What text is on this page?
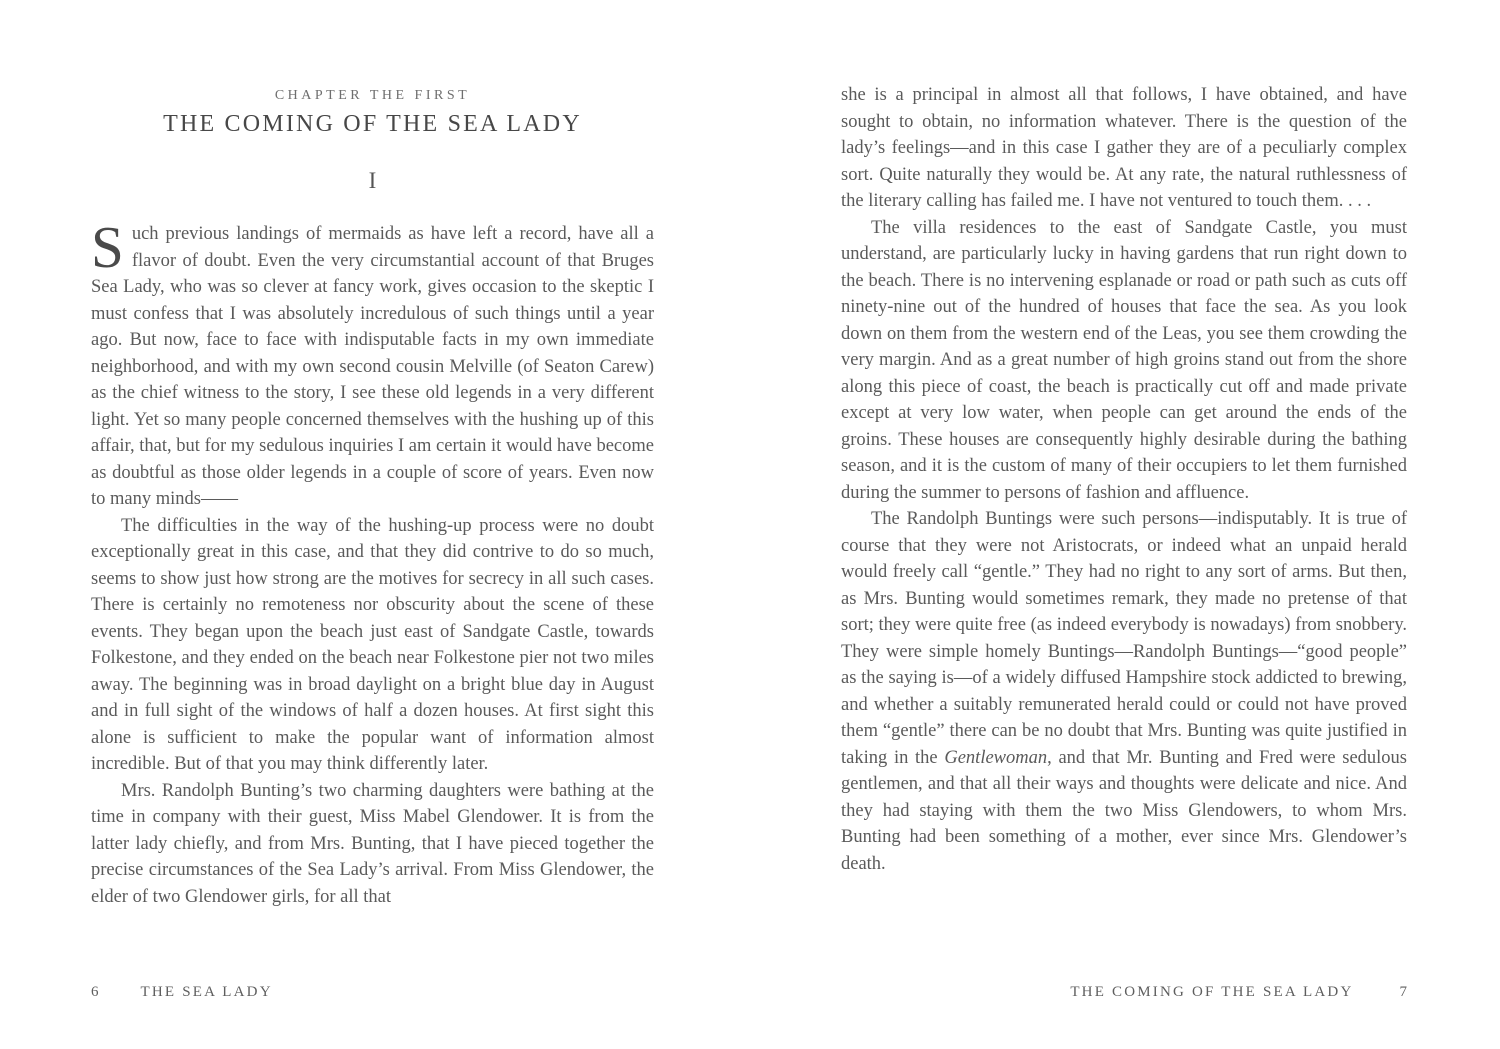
CHAPTER THE FIRST
THE COMING OF THE SEA LADY
I

Such previous landings of mermaids as have left a record, have all a flavor of doubt. Even the very circumstantial account of that Bruges Sea Lady, who was so clever at fancy work, gives occasion to the skeptic I must confess that I was absolutely incredulous of such things until a year ago. But now, face to face with indisputable facts in my own immediate neighborhood, and with my own second cousin Melville (of Seaton Carew) as the chief witness to the story, I see these old legends in a very different light. Yet so many people concerned themselves with the hushing up of this affair, that, but for my sedulous inquiries I am certain it would have become as doubtful as those older legends in a couple of score of years. Even now to many minds——

The difficulties in the way of the hushing-up process were no doubt exceptionally great in this case, and that they did contrive to do so much, seems to show just how strong are the motives for secrecy in all such cases. There is certainly no remoteness nor obscurity about the scene of these events. They began upon the beach just east of Sandgate Castle, towards Folkestone, and they ended on the beach near Folkestone pier not two miles away. The beginning was in broad daylight on a bright blue day in August and in full sight of the windows of half a dozen houses. At first sight this alone is sufficient to make the popular want of information almost incredible. But of that you may think differently later.

Mrs. Randolph Bunting’s two charming daughters were bathing at the time in company with their guest, Miss Mabel Glendower. It is from the latter lady chiefly, and from Mrs. Bunting, that I have pieced together the precise circumstances of the Sea Lady’s arrival. From Miss Glendower, the elder of two Glendower girls, for all that

she is a principal in almost all that follows, I have obtained, and have sought to obtain, no information whatever. There is the question of the lady’s feelings—and in this case I gather they are of a peculiarly complex sort. Quite naturally they would be. At any rate, the natural ruthlessness of the literary calling has failed me. I have not ventured to touch them. . . .

The villa residences to the east of Sandgate Castle, you must understand, are particularly lucky in having gardens that run right down to the beach. There is no intervening esplanade or road or path such as cuts off ninety-nine out of the hundred of houses that face the sea. As you look down on them from the western end of the Leas, you see them crowding the very margin. And as a great number of high groins stand out from the shore along this piece of coast, the beach is practically cut off and made private except at very low water, when people can get around the ends of the groins. These houses are consequently highly desirable during the bathing season, and it is the custom of many of their occupiers to let them furnished during the summer to persons of fashion and affluence.

The Randolph Buntings were such persons—indisputably. It is true of course that they were not Aristocrats, or indeed what an unpaid herald would freely call “gentle.” They had no right to any sort of arms. But then, as Mrs. Bunting would sometimes remark, they made no pretense of that sort; they were quite free (as indeed everybody is nowadays) from snobbery. They were simple homely Buntings—Randolph Buntings—“good people” as the saying is—of a widely diffused Hampshire stock addicted to brewing, and whether a suitably remunerated herald could or could not have proved them “gentle” there can be no doubt that Mrs. Bunting was quite justified in taking in the Gentlewoman, and that Mr. Bunting and Fred were sedulous gentlemen, and that all their ways and thoughts were delicate and nice. And they had staying with them the two Miss Glendowers, to whom Mrs. Bunting had been something of a mother, ever since Mrs. Glendower’s death.

6	THE SEA LADY	THE COMING OF THE SEA LADY	7
